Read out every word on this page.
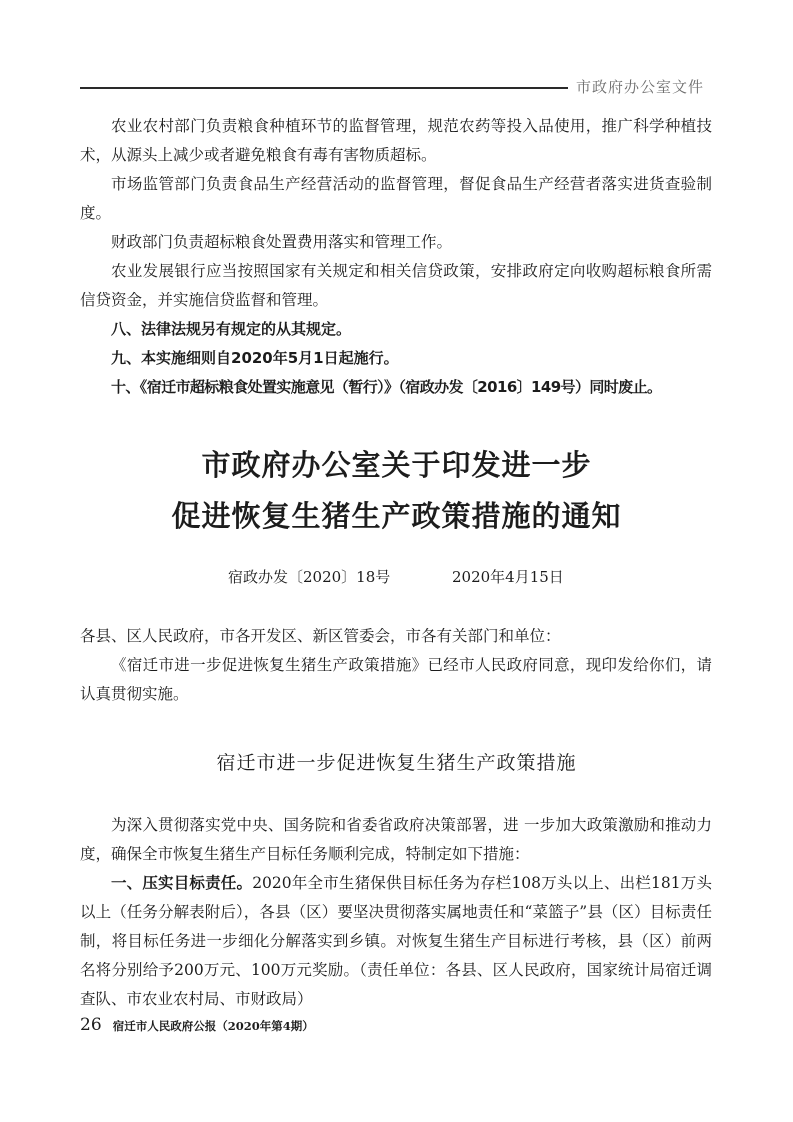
市政府办公室文件

农业农村部门负责粮食种植环节的监督管理，规范农药等投入品使用，推广科学种植技术，从源头上减少或者避免粮食有毒有害物质超标。

市场监管部门负责食品生产经营活动的监督管理，督促食品生产经营者落实进货查验制度。

财政部门负责超标粮食处置费用落实和管理工作。

农业发展银行应当按照国家有关规定和相关信贷政策，安排政府定向收购超标粮食所需信贷资金，并实施信贷监督和管理。

八、法律法规另有规定的从其规定。

九、本实施细则自2020年5月1日起施行。

十、《宿迁市超标粮食处置实施意见（暂行）》（宿政办发〔2016〕149号）同时废止。

市政府办公室关于印发进一步
促进恢复生猪生产政策措施的通知
宿政办发〔2020〕18号	2020年4月15日

各县、区人民政府，市各开发区、新区管委会，市各有关部门和单位：

《宿迁市进一步促进恢复生猪生产政策措施》已经市人民政府同意，现印发给你们，请认真贯彻实施。

宿迁市进一步促进恢复生猪生产政策措施

为深入贯彻落实党中央、国务院和省委省政府决策部署，进 一步加大政策激励和推动力度，确保全市恢复生猪生产目标任务顺利完成，特制定如下措施：

一、压实目标责任。2020年全市生猪保供目标任务为存栏108万头以上、出栏181万头以上（任务分解表附后），各县（区）要坚决贯彻落实属地责任和“菜篮子”县（区）目标责任制，将目标任务进一步细化分解落实到乡镇。对恢复生猪生产目标进行考核，县（区）前两名将分别给予200万元、100万元奖励。（责任单位：各县、区人民政府，国家统计局宿迁调查队、市农业农村局、市财政局）

26 宿迁市人民政府公报（2020年第4期）
